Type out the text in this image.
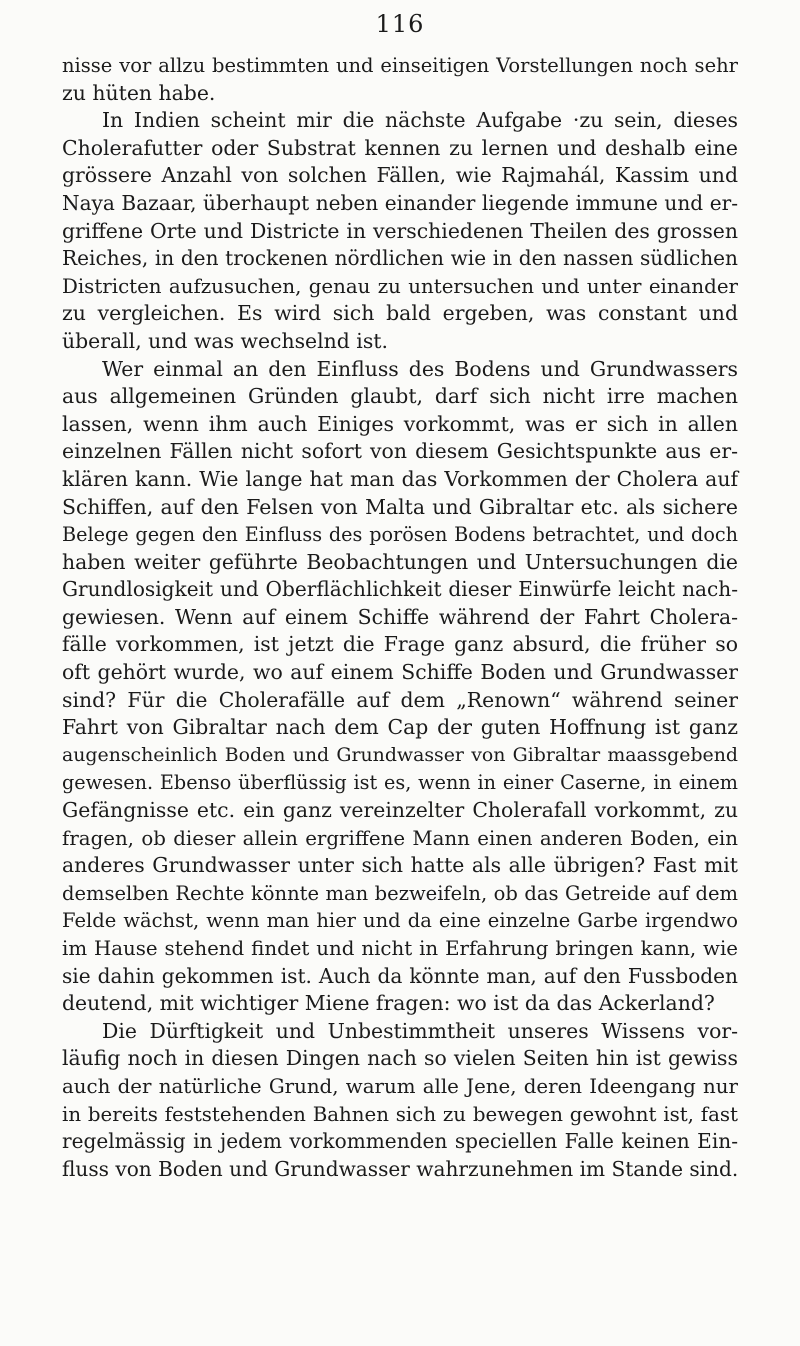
116
nisse vor allzu bestimmten und einseitigen Vorstellungen noch sehr
zu hüten habe.
In Indien scheint mir die nächste Aufgabe ·zu sein, dieses
Cholerafutter oder Substrat kennen zu lernen und deshalb eine
grössere Anzahl von solchen Fällen, wie Rajmahál, Kassim und
Naya Bazaar, überhaupt neben einander liegende immune und er-
griffene Orte und Districte in verschiedenen Theilen des grossen
Reiches, in den trockenen nördlichen wie in den nassen südlichen
Districten aufzusuchen, genau zu untersuchen und unter einander
zu vergleichen. Es wird sich bald ergeben, was constant und
überall, und was wechselnd ist.
Wer einmal an den Einfluss des Bodens und Grundwassers
aus allgemeinen Gründen glaubt, darf sich nicht irre machen
lassen, wenn ihm auch Einiges vorkommt, was er sich in allen
einzelnen Fällen nicht sofort von diesem Gesichtspunkte aus er-
klären kann. Wie lange hat man das Vorkommen der Cholera auf
Schiffen, auf den Felsen von Malta und Gibraltar etc. als sichere
Belege gegen den Einfluss des porösen Bodens betrachtet, und doch
haben weiter geführte Beobachtungen und Untersuchungen die
Grundlosigkeit und Oberflächlichkeit dieser Einwürfe leicht nach-
gewiesen. Wenn auf einem Schiffe während der Fahrt Cholera-
fälle vorkommen, ist jetzt die Frage ganz absurd, die früher so
oft gehört wurde, wo auf einem Schiffe Boden und Grundwasser
sind? Für die Cholerafälle auf dem „Renown“ während seiner
Fahrt von Gibraltar nach dem Cap der guten Hoffnung ist ganz
augenscheinlich Boden und Grundwasser von Gibraltar maassgebend
gewesen. Ebenso überflüssig ist es, wenn in einer Caserne, in einem
Gefängnisse etc. ein ganz vereinzelter Cholerafall vorkommt, zu
fragen, ob dieser allein ergriffene Mann einen anderen Boden, ein
anderes Grundwasser unter sich hatte als alle übrigen? Fast mit
demselben Rechte könnte man bezweifeln, ob das Getreide auf dem
Felde wächst, wenn man hier und da eine einzelne Garbe irgendwo
im Hause stehend findet und nicht in Erfahrung bringen kann, wie
sie dahin gekommen ist. Auch da könnte man, auf den Fussboden
deutend, mit wichtiger Miene fragen: wo ist da das Ackerland?
Die Dürftigkeit und Unbestimmtheit unseres Wissens vor-
läufig noch in diesen Dingen nach so vielen Seiten hin ist gewiss
auch der natürliche Grund, warum alle Jene, deren Ideengang nur
in bereits feststehenden Bahnen sich zu bewegen gewohnt ist, fast
regelmässig in jedem vorkommenden speciellen Falle keinen Ein-
fluss von Boden und Grundwasser wahrzunehmen im Stande sind.
